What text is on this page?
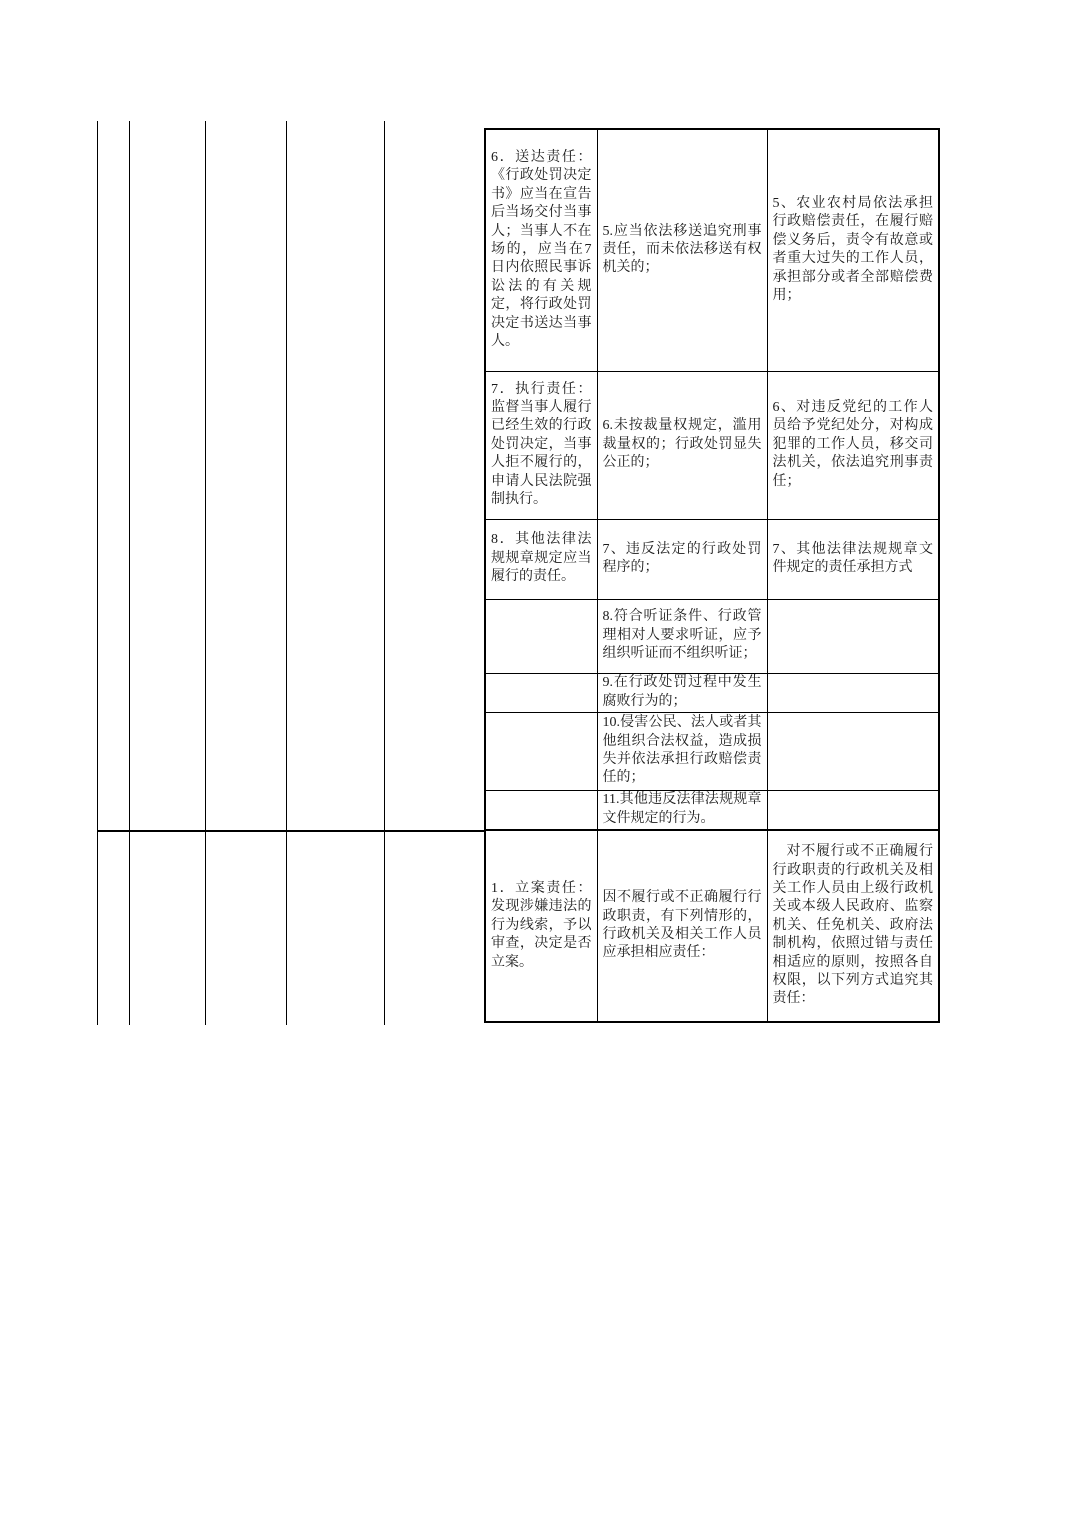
6．送达责任：《行政处罚决定书》应当在宣告后当场交付当事人；当事人不在场的，应当在7日内依照民事诉讼法的有关规定，将行政处罚决定书送达当事人。	5.应当依法移送追究刑事责任，而未依法移送有权机关的；	5、农业农村局依法承担行政赔偿责任，在履行赔偿义务后，责令有故意或者重大过失的工作人员，承担部分或者全部赔偿费用；
7．执行责任：监督当事人履行已经生效的行政处罚决定，当事人拒不履行的，申请人民法院强制执行。	6.未按裁量权规定，滥用裁量权的；行政处罚显失公正的；	6、对违反党纪的工作人员给予党纪处分，对构成犯罪的工作人员，移交司法机关，依法追究刑事责任；
8．其他法律法规规章规定应当履行的责任。	7、违反法定的行政处罚程序的；	7、其他法律法规规章文件规定的责任承担方式
	8.符合听证条件、行政管理相对人要求听证，应予组织听证而不组织听证；	
	9.在行政处罚过程中发生腐败行为的；	
	10.侵害公民、法人或者其他组织合法权益，造成损失并依法承担行政赔偿责任的；	
	11.其他违反法律法规规章文件规定的行为。	
1．立案责任：发现涉嫌违法的行为线索，予以审查，决定是否立案。	因不履行或不正确履行行政职责，有下列情形的，行政机关及相关工作人员应承担相应责任：	对不履行或不正确履行行政职责的行政机关及相关工作人员由上级行政机关或本级人民政府、监察机关、任免机关、政府法制机构，依照过错与责任相适应的原则，按照各自权限，以下列方式追究其责任：
